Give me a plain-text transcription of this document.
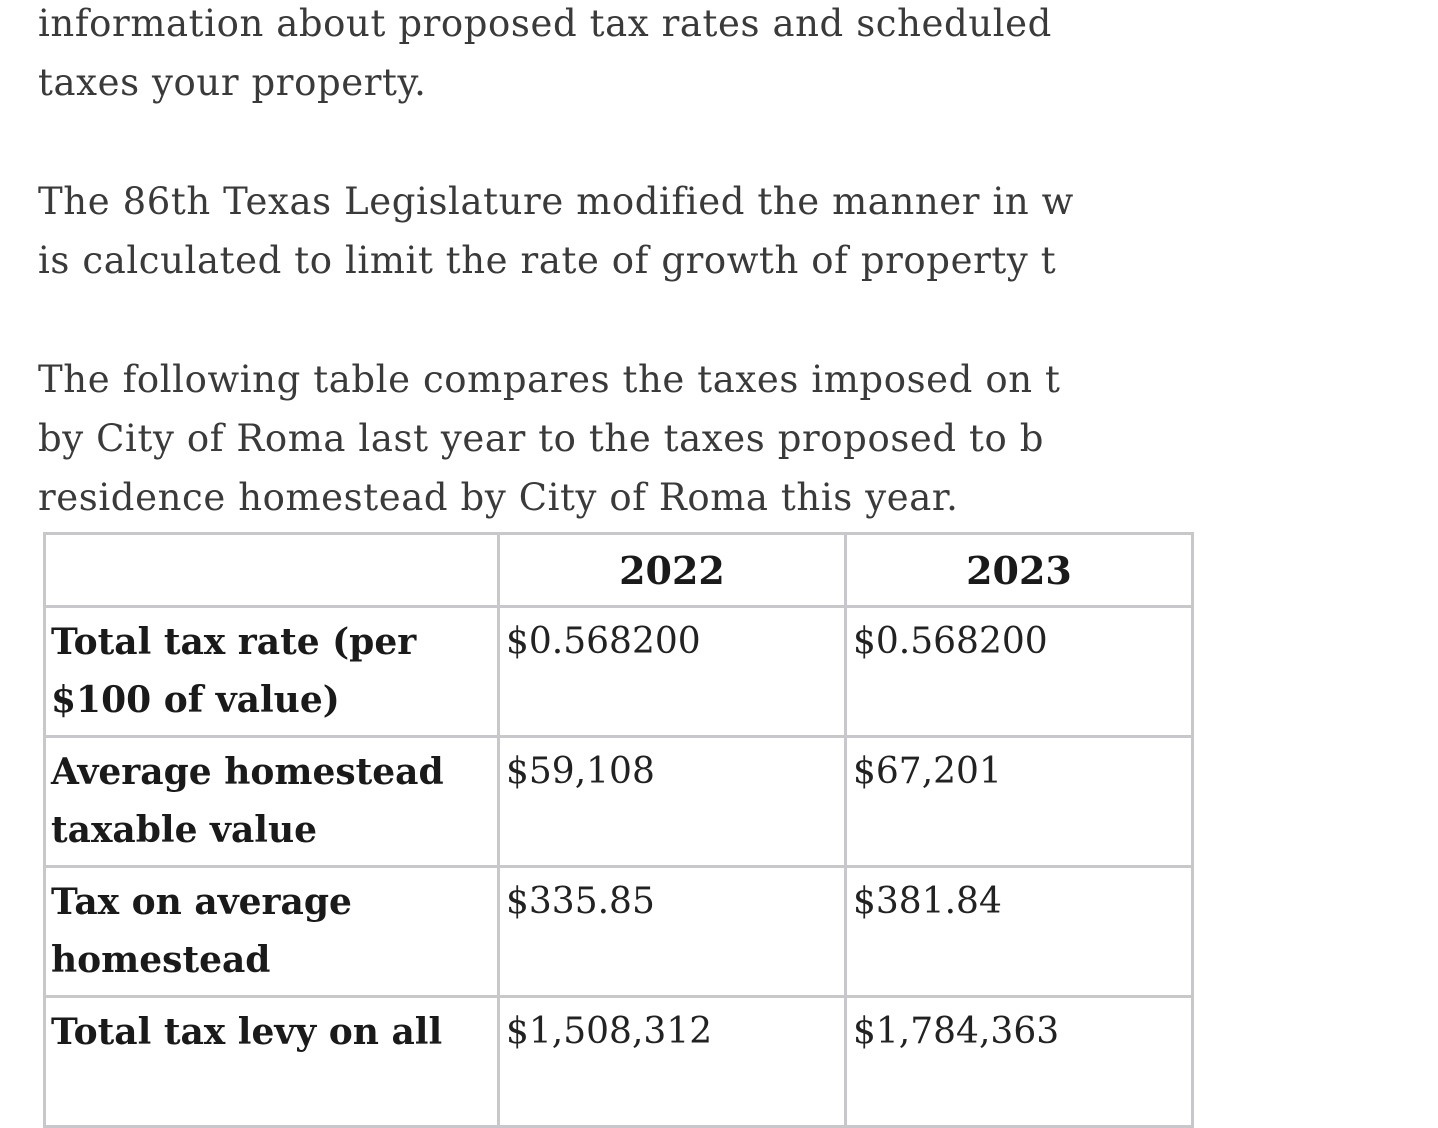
information about proposed tax rates and scheduled
taxes your property.

The 86th Texas Legislature modified the manner in w
is calculated to limit the rate of growth of property t

The following table compares the taxes imposed on t
by City of Roma last year to the taxes proposed to b
residence homestead by City of Roma this year.

	2022	2023
Total tax rate (per $100 of value)	$0.568200	$0.568200
Average homestead taxable value	$59,108	$67,201
Tax on average homestead	$335.85	$381.84
Total tax levy on all	$1,508,312	$1,784,363
